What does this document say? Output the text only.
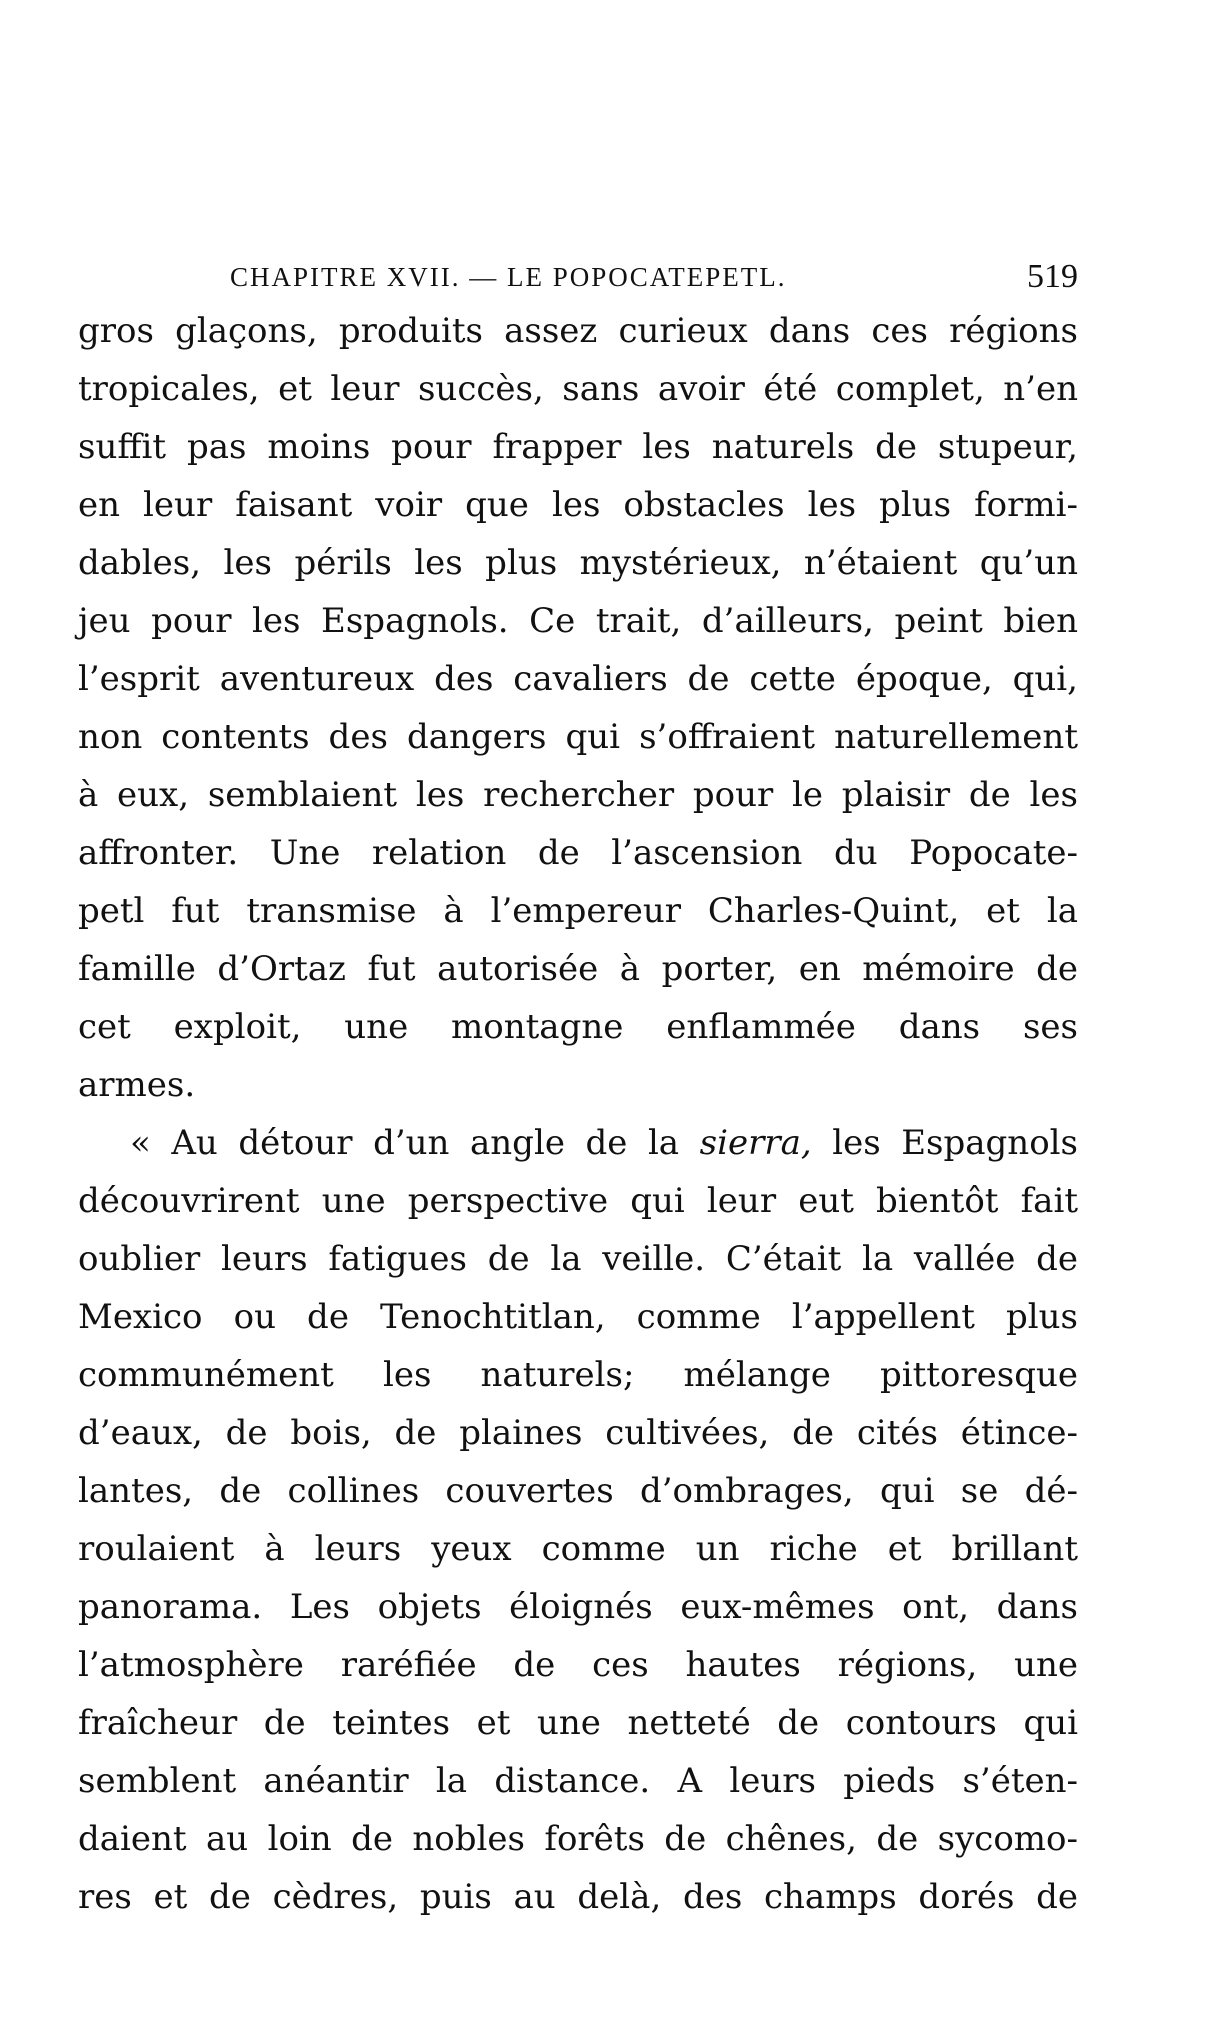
CHAPITRE XVII. — LE POPOCATEPETL.	519
gros glaçons, produits assez curieux dans ces régions
tropicales, et leur succès, sans avoir été complet, n’en
suffit pas moins pour frapper les naturels de stupeur,
en leur faisant voir que les obstacles les plus formi-
dables, les périls les plus mystérieux, n’étaient qu’un
jeu pour les Espagnols. Ce trait, d’ailleurs, peint bien
l’esprit aventureux des cavaliers de cette époque, qui,
non contents des dangers qui s’offraient naturellement
à eux, semblaient les rechercher pour le plaisir de les
affronter. Une relation de l’ascension du Popocate-
petl fut transmise à l’empereur Charles-Quint, et la
famille d’Ortaz fut autorisée à porter, en mémoire de
cet exploit, une montagne enflammée dans ses
armes.
« Au détour d’un angle de la sierra, les Espagnols
découvrirent une perspective qui leur eut bientôt fait
oublier leurs fatigues de la veille. C’était la vallée de
Mexico ou de Tenochtitlan, comme l’appellent plus
communément les naturels; mélange pittoresque
d’eaux, de bois, de plaines cultivées, de cités étince-
lantes, de collines couvertes d’ombrages, qui se dé-
roulaient à leurs yeux comme un riche et brillant
panorama. Les objets éloignés eux-mêmes ont, dans
l’atmosphère raréfiée de ces hautes régions, une
fraîcheur de teintes et une netteté de contours qui
semblent anéantir la distance. A leurs pieds s’éten-
daient au loin de nobles forêts de chênes, de sycomo-
res et de cèdres, puis au delà, des champs dorés de
